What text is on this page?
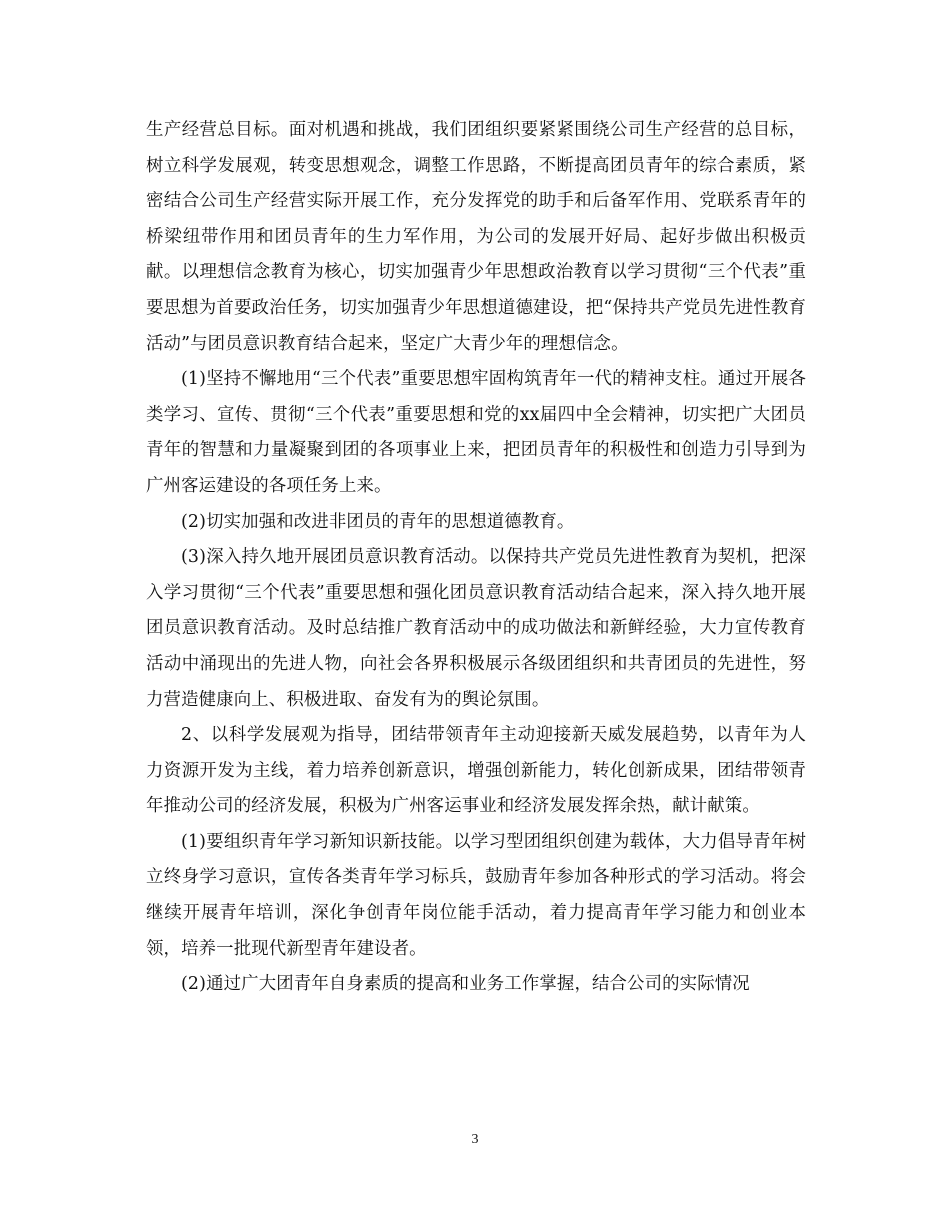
生产经营总目标。面对机遇和挑战，我们团组织要紧紧围绕公司生产经营的总目标，树立科学发展观，转变思想观念，调整工作思路，不断提高团员青年的综合素质，紧密结合公司生产经营实际开展工作，充分发挥党的助手和后备军作用、党联系青年的桥梁纽带作用和团员青年的生力军作用，为公司的发展开好局、起好步做出积极贡献。以理想信念教育为核心，切实加强青少年思想政治教育以学习贯彻“三个代表”重要思想为首要政治任务，切实加强青少年思想道德建设，把“保持共产党员先进性教育活动”与团员意识教育结合起来，坚定广大青少年的理想信念。

(1)坚持不懈地用“三个代表”重要思想牢固构筑青年一代的精神支柱。通过开展各类学习、宣传、贯彻“三个代表”重要思想和党的xx届四中全会精神，切实把广大团员青年的智慧和力量凝聚到团的各项事业上来，把团员青年的积极性和创造力引导到为广州客运建设的各项任务上来。

(2)切实加强和改进非团员的青年的思想道德教育。

(3)深入持久地开展团员意识教育活动。以保持共产党员先进性教育为契机，把深入学习贯彻“三个代表”重要思想和强化团员意识教育活动结合起来，深入持久地开展团员意识教育活动。及时总结推广教育活动中的成功做法和新鲜经验，大力宣传教育活动中涌现出的先进人物，向社会各界积极展示各级团组织和共青团员的先进性，努力营造健康向上、积极进取、奋发有为的舆论氛围。

2、以科学发展观为指导，团结带领青年主动迎接新天威发展趋势，以青年为人力资源开发为主线，着力培养创新意识，增强创新能力，转化创新成果，团结带领青年推动公司的经济发展，积极为广州客运事业和经济发展发挥余热，献计献策。

(1)要组织青年学习新知识新技能。以学习型团组织创建为载体，大力倡导青年树立终身学习意识，宣传各类青年学习标兵，鼓励青年参加各种形式的学习活动。将会继续开展青年培训，深化争创青年岗位能手活动，着力提高青年学习能力和创业本领，培养一批现代新型青年建设者。

(2)通过广大团青年自身素质的提高和业务工作掌握，结合公司的实际情况

3
